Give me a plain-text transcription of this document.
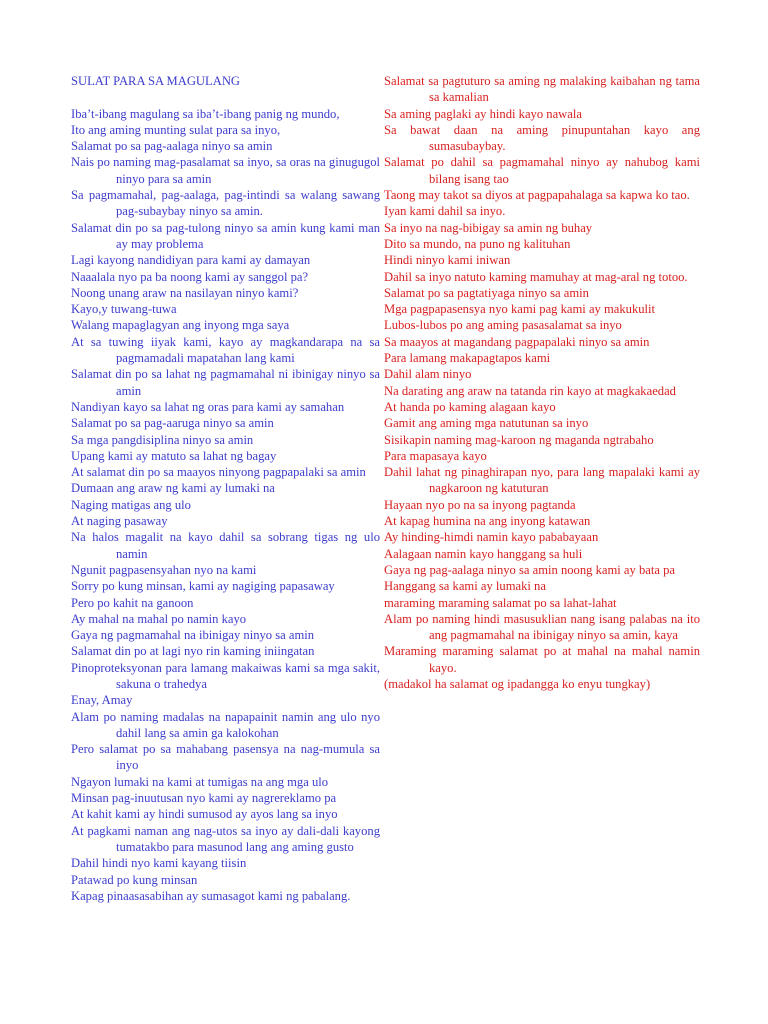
SULAT PARA SA MAGULANG

Iba’t-ibang magulang sa iba’t-ibang panig ng mundo,

Ito ang aming munting sulat para sa inyo,

Salamat po sa pag-aalaga ninyo sa amin

Nais po naming mag-pasalamat sa inyo, sa oras na ginugugol ninyo para sa amin

Sa pagmamahal, pag-aalaga, pag-intindi sa walang sawang pag-subaybay ninyo sa amin.

Salamat din po sa pag-tulong ninyo sa amin kung kami man ay may problema

Lagi kayong nandidiyan para kami ay damayan

Naaalala nyo pa ba noong kami ay sanggol pa?

Noong unang araw na nasilayan ninyo kami?

Kayo,y tuwang-tuwa

Walang mapaglagyan ang inyong mga saya

At sa tuwing iiyak kami, kayo ay magkandarapa na sa pagmamadali mapatahan lang kami

Salamat din po sa lahat ng pagmamahal ni ibinigay ninyo sa amin

Nandiyan kayo sa lahat ng oras para kami ay samahan

Salamat po sa pag-aaruga ninyo sa amin

Sa mga pangdisiplina ninyo sa amin

Upang kami ay matuto sa lahat ng bagay

At salamat din po sa maayos ninyong pagpapalaki sa amin

Dumaan ang araw ng kami ay lumaki na

Naging matigas ang ulo

At naging pasaway

Na halos magalit na kayo dahil sa sobrang tigas ng ulo namin

Ngunit pagpasensyahan nyo na kami

Sorry po kung minsan, kami ay nagiging papasaway

Pero po kahit na ganoon

Ay mahal na mahal po namin kayo

Gaya ng pagmamahal na ibinigay ninyo sa amin

Salamat din po at lagi nyo rin kaming iniingatan

Pinoproteksyonan para lamang makaiwas kami sa mga sakit, sakuna o trahedya

Enay, Amay

Alam po naming madalas na napapainit namin ang ulo nyo dahil lang sa amin ga kalokohan

Pero salamat po sa mahabang pasensya na nag-mumula sa inyo

Ngayon lumaki na kami at tumigas na ang mga ulo

Minsan pag-inuutusan nyo kami ay nagrereklamo pa

At kahit kami ay hindi sumusod ay ayos lang sa inyo

At pagkami naman ang nag-utos sa inyo ay dali-dali kayong tumatakbo para masunod lang ang aming gusto

Dahil hindi nyo kami kayang tiisin

Patawad po kung minsan

Kapag pinaasasabihan ay sumasagot kami ng pabalang.

Salamat sa pagtuturo sa aming ng malaking kaibahan ng tama sa kamalian

Sa aming paglaki ay hindi kayo nawala

Sa bawat daan na aming pinupuntahan kayo ang sumasubaybay.

Salamat po dahil sa pagmamahal ninyo ay nahubog kami bilang isang tao

Taong may takot sa diyos at pagpapahalaga sa kapwa ko tao.

Iyan kami dahil sa inyo.

Sa inyo na nag-bibigay sa amin ng buhay

Dito sa mundo, na puno ng kalituhan

Hindi ninyo kami iniwan

Dahil sa inyo natuto kaming mamuhay at mag-aral ng totoo.

Salamat po sa pagtatiyaga ninyo sa amin

Mga pagpapasensya nyo kami pag kami ay makukulit

Lubos-lubos po ang aming pasasalamat sa inyo

Sa maayos at magandang pagpapalaki ninyo sa amin

Para lamang makapagtapos kami

Dahil alam ninyo

Na darating ang araw na tatanda rin kayo at magkakaedad

At handa po kaming alagaan kayo

Gamit ang aming mga natutunan sa inyo

Sisikapin naming mag-karoon ng maganda ngtrabaho

Para mapasaya kayo

Dahil lahat ng pinaghirapan nyo, para lang mapalaki kami ay nagkaroon ng katuturan

Hayaan nyo po na sa inyong pagtanda

At kapag humina na ang inyong katawan

Ay hinding-himdi namin kayo pababayaan

Aalagaan namin kayo hanggang sa huli

Gaya ng pag-aalaga ninyo sa amin noong kami ay bata pa

Hanggang sa kami ay lumaki na

maraming maraming salamat po sa lahat-lahat

Alam po naming hindi masusuklian nang isang palabas na ito ang pagmamahal na ibinigay ninyo sa amin, kaya

Maraming maraming salamat po at mahal na mahal namin kayo.

(madakol ha salamat og ipadangga ko enyu tungkay)
